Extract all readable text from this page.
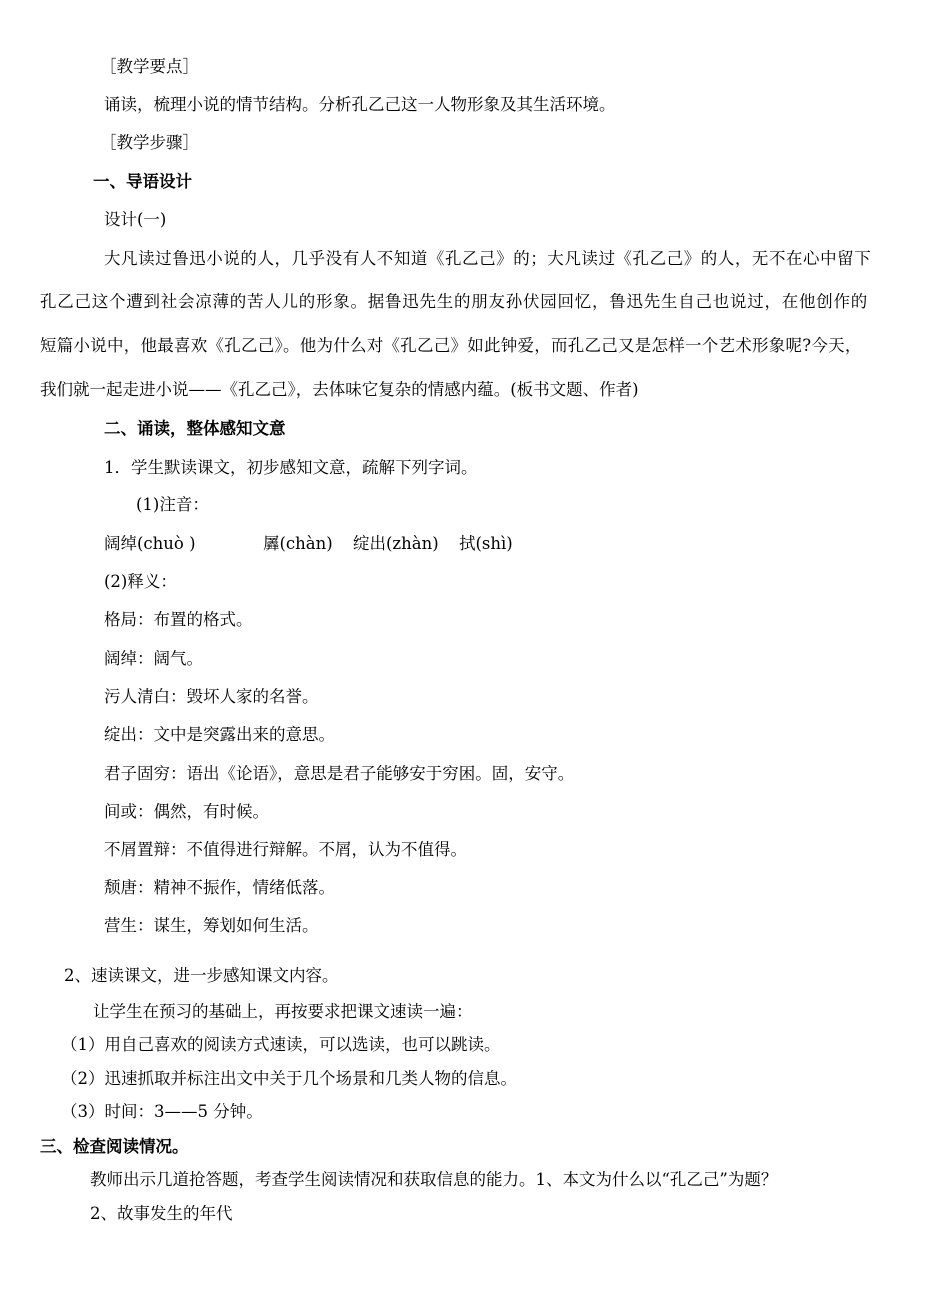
［教学要点］
诵读，梳理小说的情节结构。分析孔乙己这一人物形象及其生活环境。
［教学步骤］
一、导语设计
设计(一)
大凡读过鲁迅小说的人，几乎没有人不知道《孔乙己》的；大凡读过《孔乙己》的人，无不在心中留下
孔乙己这个遭到社会凉薄的苦人儿的形象。据鲁迅先生的朋友孙伏园回忆，鲁迅先生自己也说过，在他创作的
短篇小说中，他最喜欢《孔乙己》。他为什么对《孔乙己》如此钟爱，而孔乙己又是怎样一个艺术形象呢?今天，
我们就一起走进小说——《孔乙己》，去体味它复杂的情感内蕴。(板书文题、作者)
二、诵读，整体感知文意
1．学生默读课文，初步感知文意，疏解下列字词。
(1)注音：
阔绰(chuò )	羼(chàn) 绽出(zhàn) 拭(shì)
(2)释义：
格局：布置的格式。
阔绰：阔气。
污人清白：毁坏人家的名誉。
绽出：文中是突露出来的意思。
君子固穷：语出《论语》，意思是君子能够安于穷困。固，安守。
间或：偶然，有时候。
不屑置辩：不值得进行辩解。不屑，认为不值得。
颓唐：精神不振作，情绪低落。
营生：谋生，筹划如何生活。
2、速读课文，进一步感知课文内容。
让学生在预习的基础上，再按要求把课文速读一遍：
（1）用自己喜欢的阅读方式速读，可以选读，也可以跳读。
（2）迅速抓取并标注出文中关于几个场景和几类人物的信息。
（3）时间：3——5 分钟。
三、检查阅读情况。
教师出示几道抢答题，考查学生阅读情况和获取信息的能力。1、本文为什么以“孔乙己”为题？
2、故事发生的年代
